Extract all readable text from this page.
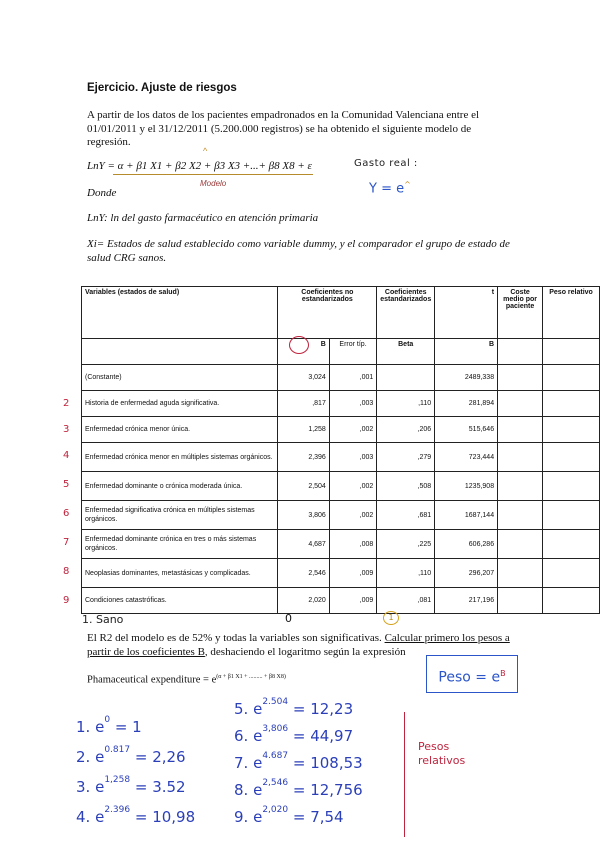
Ejercicio. Ajuste de riesgos
A partir de los datos de los pacientes empadronados en la Comunidad Valenciana entre el 01/01/2011 y el 31/12/2011 (5.200.000 registros) se ha obtenido el siguiente modelo de regresión.
^
LnY = α + β1 X1 + β2 X2 + β3 X3 +...+ β8 X8 + ε
Modelo
Gasto real :
Y = e^
Donde
LnY: ln del gasto farmacéutico en atención primaria
Xi= Estados de salud establecido como variable dummy, y el comparador el grupo de estado de salud CRG sanos.
Variables (estados de salud)	Coeficientes no estandarizados		Coeficientes estandarizados	t	Coste medio por paciente	Peso relativo
	B	Error típ.	Beta	B		
(Constante)	3,024	,001		2489,338		
Historia de enfermedad aguda significativa.	,817	,003	,110	281,894		
Enfermedad crónica menor única.	1,258	,002	,206	515,646		
Enfermedad crónica menor en múltiples sistemas orgánicos.	2,396	,003	,279	723,444		
Enfermedad dominante o crónica moderada única.	2,504	,002	,508	1235,908		
Enfermedad significativa crónica en múltiples sistemas orgánicos.	3,806	,002	,681	1687,144		
Enfermedad dominante crónica en tres o más sistemas orgánicos.	4,687	,008	,225	606,286		
Neoplasias dominantes, metastásicas y complicadas.	2,546	,009	,110	296,207		
Condiciones catastróficas.	2,020	,009	,081	217,196		
2
3
4
5
6
7
8
9
1. Sano	0	1
El R2 del modelo es de 52% y todas la variables son significativas. Calcular primero los pesos a partir de los coeficientes B, deshaciendo el logaritmo según la expresión
Phamaceutical expenditure = $e^{(\alpha + \beta 1 X1 + ......... + \beta 8 X8)}$	Peso = $e^B$
1. $e^0 = 1$
2. $e^{0.817} = 2,26$
3. $e^{1,258} = 3.52$
4. $e^{2.396} = 10,98$
5. $e^{2.504} = 12,23$
6. $e^{3,806} = 44,97$
7. $e^{4.687} = 108,53$
8. $e^{2,546} = 12,756$
9. $e^{2,020} = 7,54$
Pesos
relativos
